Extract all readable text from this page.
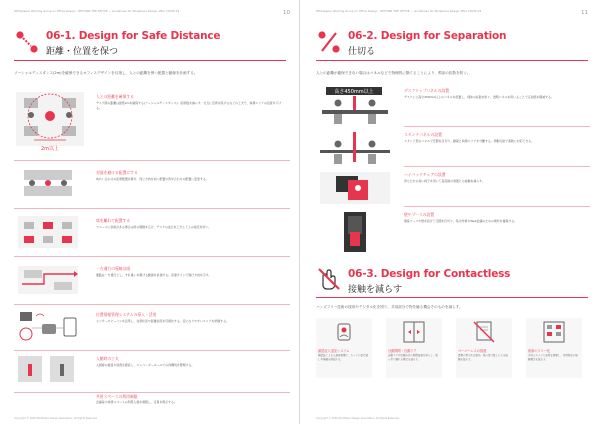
Whitepaper Working Group on Office Design · RETHINK THE OFFICE — Guidelines for Workplace Design after COVID-19	10
06-1. Design for Safe Distance
距離・位置を保つ
ソーシャルディスタンス(2m)を確保できるオフィスデザインを目指し、人との距離を保つ配置と動線を計画する。
2m以上
人との距離を確保する
デスク間の距離は最低2mを確保する(ソーシャルディスタンス)。座席数を減らす、交互に空席を設けるなどの工夫で、執務エリアの密度を下げる。
対面を避ける配置にする
向かい合わせの座席配置を避け、同じ方向を向く配置や背中合わせの配置に変更する。
席を離れて配置する
スペースに余裕がある場合は席の間隔を広げ、デスクの並びを工夫して人の接近を防ぐ。
一方通行の導線計画
通路は一方通行とし、すれ違いを避ける動線を計画する。床面サインで進行方向を示す。
位置情報管理システムの導入・活用
センサーやビーコンを活用し、在席状況や混雑状況を可視化する。密になりやすいエリアを把握する。
入館時の工夫
入館時の検温や消毒を徹底し、エレベーターホールでの待機列を整理する。
共用スペースの利用制限
会議室や休憩スペースの利用人数を制限し、定員を明示する。
Copyright © 2020 WorkPlace Design Association. All Rights Reserved.
Whitepaper Working Group on Office Design · RETHINK THE OFFICE — Guidelines for Workplace Design after COVID-19	11
06-2. Design for Separation
仕切る
人との距離が確保できない場合はパネルなどで物理的に隔てることにより、飛沫の拡散を防ぐ。
高さ450mm以上	デスクトップパネルの設置
デスク上に高さ450mm以上のパネルを設置し、飛沫の拡散を防ぐ。透明パネルを用いることで圧迫感を軽減する。
スタンドパネルの設置
スタンド型のパネルで空間を区切り、動線と執務エリアを分離する。移動可能で柔軟に対応できる。
ハイバックチェアの設置
背もたれの高い椅子を用いて着座時の周囲との接触を減らす。
壁やブースの設置
個室ブースや壁を設けて空間を仕切り、集中作業やWeb会議のための場所を確保する。
06-3. Design for Contactless
接触を減らす
ハンズフリー技術の採用やデジタル化を図り、共用部分で物を触る機会そのものを減らす。
顔認証入退室システム
顔認証による入退室管理で、カードの受け渡しや接触を削減する。
自動開閉・自動ドア
自動ドアや足踏み式の開閉装置を導入し、取っ手に触れる機会を減らす。
ペーパーレスの推進
書類の電子化を進め、紙の受け渡しによる接触を減らす。
座席のフリー化
予約システムで座席を管理し、共用物品の接触機会を減らす。
Copyright © 2020 WorkPlace Design Association. All Rights Reserved.
